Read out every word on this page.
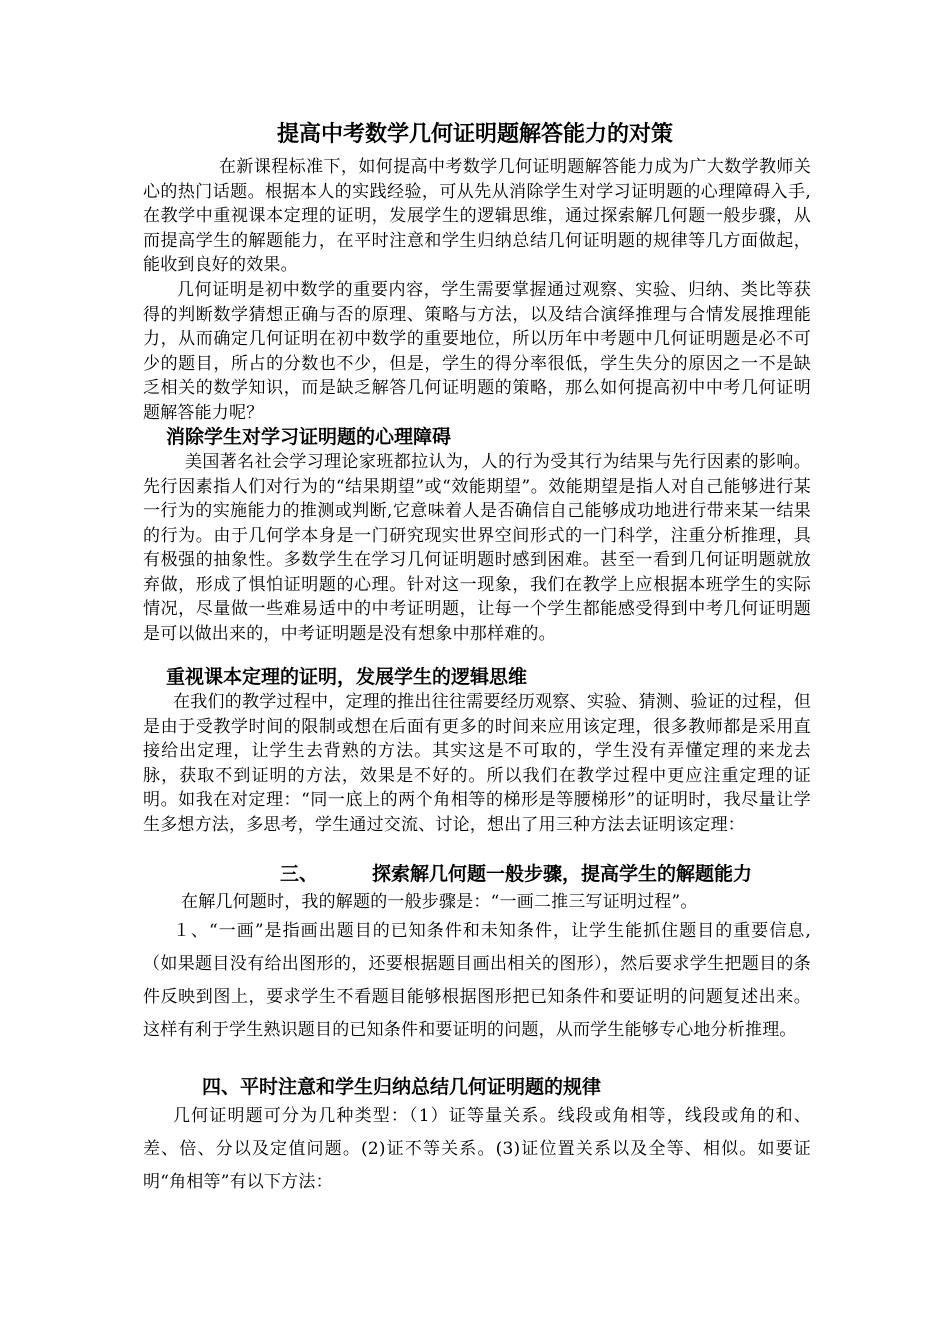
提高中考数学几何证明题解答能力的对策

在新课程标准下，如何提高中考数学几何证明题解答能力成为广大数学教师关心的热门话题。根据本人的实践经验，可从先从消除学生对学习证明题的心理障碍入手,在教学中重视课本定理的证明，发展学生的逻辑思维，通过探索解几何题一般步骤，从而提高学生的解题能力，在平时注意和学生归纳总结几何证明题的规律等几方面做起，能收到良好的效果。

几何证明是初中数学的重要内容，学生需要掌握通过观察、实验、归纳、类比等获得的判断数学猜想正确与否的原理、策略与方法，以及结合演绎推理与合情发展推理能力，从而确定几何证明在初中数学的重要地位，所以历年中考题中几何证明题是必不可少的题目，所占的分数也不少，但是，学生的得分率很低，学生失分的原因之一不是缺乏相关的数学知识，而是缺乏解答几何证明题的策略，那么如何提高初中中考几何证明题解答能力呢？

消除学生对学习证明题的心理障碍

美国著名社会学习理论家班都拉认为，人的行为受其行为结果与先行因素的影响。先行因素指人们对行为的“结果期望”或“效能期望”。效能期望是指人对自己能够进行某一行为的实施能力的推测或判断,它意味着人是否确信自己能够成功地进行带来某一结果的行为。由于几何学本身是一门研究现实世界空间形式的一门科学，注重分析推理，具有极强的抽象性。多数学生在学习几何证明题时感到困难。甚至一看到几何证明题就放弃做，形成了惧怕证明题的心理。针对这一现象，我们在教学上应根据本班学生的实际情况，尽量做一些难易适中的中考证明题，让每一个学生都能感受得到中考几何证明题是可以做出来的，中考证明题是没有想象中那样难的。

重视课本定理的证明，发展学生的逻辑思维

在我们的教学过程中，定理的推出往往需要经历观察、实验、猜测、验证的过程，但是由于受教学时间的限制或想在后面有更多的时间来应用该定理，很多教师都是采用直接给出定理，让学生去背熟的方法。其实这是不可取的，学生没有弄懂定理的来龙去脉，获取不到证明的方法，效果是不好的。所以我们在教学过程中更应注重定理的证明。如我在对定理：“同一底上的两个角相等的梯形是等腰梯形”的证明时，我尽量让学生多想方法，多思考，学生通过交流、讨论，想出了用三种方法去证明该定理：

三、	探索解几何题一般步骤，提高学生的解题能力

在解几何题时，我的解题的一般步骤是：“一画二推三写证明过程”。

１、“一画”是指画出题目的已知条件和未知条件，让学生能抓住题目的重要信息,（如果题目没有给出图形的，还要根据题目画出相关的图形），然后要求学生把题目的条件反映到图上，要求学生不看题目能够根据图形把已知条件和要证明的问题复述出来。这样有利于学生熟识题目的已知条件和要证明的问题，从而学生能够专心地分析推理。

四、平时注意和学生归纳总结几何证明题的规律

几何证明题可分为几种类型：（1）证等量关系。线段或角相等，线段或角的和、差、倍、分以及定值问题。(2)证不等关系。(3)证位置关系以及全等、相似。如要证明“角相等”有以下方法：
